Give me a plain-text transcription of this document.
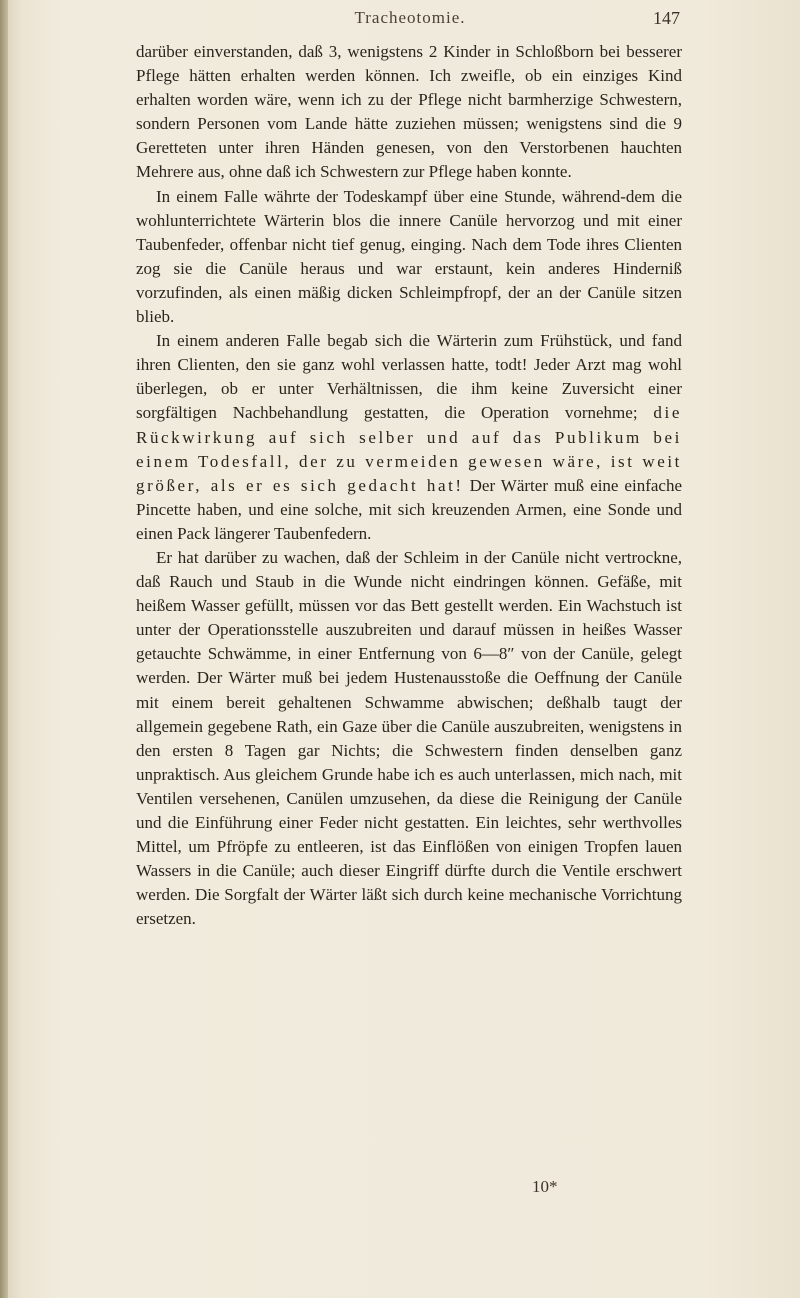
Tracheotomie.	147

darüber einverstanden, daß 3, wenigstens 2 Kinder in Schloßborn bei besserer Pflege hätten erhalten werden können. Ich zweifle, ob ein einziges Kind erhalten worden wäre, wenn ich zu der Pflege nicht barmherzige Schwestern, sondern Personen vom Lande hätte zuziehen müssen; wenigstens sind die 9 Geretteten unter ihren Händen genesen, von den Verstorbenen hauchten Mehrere aus, ohne daß ich Schwestern zur Pflege haben konnte.

In einem Falle währte der Todeskampf über eine Stunde, während-dem die wohlunterrichtete Wärterin blos die innere Canüle hervorzog und mit einer Taubenfeder, offenbar nicht tief genug, einging. Nach dem Tode ihres Clienten zog sie die Canüle heraus und war erstaunt, kein anderes Hinderniß vorzufinden, als einen mäßig dicken Schleimpfropf, der an der Canüle sitzen blieb.

In einem anderen Falle begab sich die Wärterin zum Frühstück, und fand ihren Clienten, den sie ganz wohl verlassen hatte, todt! Jeder Arzt mag wohl überlegen, ob er unter Verhältnissen, die ihm keine Zuversicht einer sorgfältigen Nachbehandlung gestatten, die Operation vornehme; die Rückwirkung auf sich selber und auf das Publikum bei einem Todesfall, der zu vermeiden gewesen wäre, ist weit größer, als er es sich gedacht hat! Der Wärter muß eine einfache Pincette haben, und eine solche, mit sich kreuzenden Armen, eine Sonde und einen Pack längerer Taubenfedern.

Er hat darüber zu wachen, daß der Schleim in der Canüle nicht vertrockne, daß Rauch und Staub in die Wunde nicht eindringen können. Gefäße, mit heißem Wasser gefüllt, müssen vor das Bett gestellt werden. Ein Wachstuch ist unter der Operationsstelle auszubreiten und darauf müssen in heißes Wasser getauchte Schwämme, in einer Entfernung von 6—8″ von der Canüle, gelegt werden. Der Wärter muß bei jedem Hustenausstoße die Oeffnung der Canüle mit einem bereit gehaltenen Schwamme abwischen; deßhalb taugt der allgemein gegebene Rath, ein Gaze über die Canüle auszubreiten, wenigstens in den ersten 8 Tagen gar Nichts; die Schwestern finden denselben ganz unpraktisch. Aus gleichem Grunde habe ich es auch unterlassen, mich nach, mit Ventilen versehenen, Canülen umzusehen, da diese die Reinigung der Canüle und die Einführung einer Feder nicht gestatten. Ein leichtes, sehr werthvolles Mittel, um Pfröpfe zu entleeren, ist das Einflößen von einigen Tropfen lauen Wassers in die Canüle; auch dieser Eingriff dürfte durch die Ventile erschwert werden. Die Sorgfalt der Wärter läßt sich durch keine mechanische Vorrichtung ersetzen.

10*
